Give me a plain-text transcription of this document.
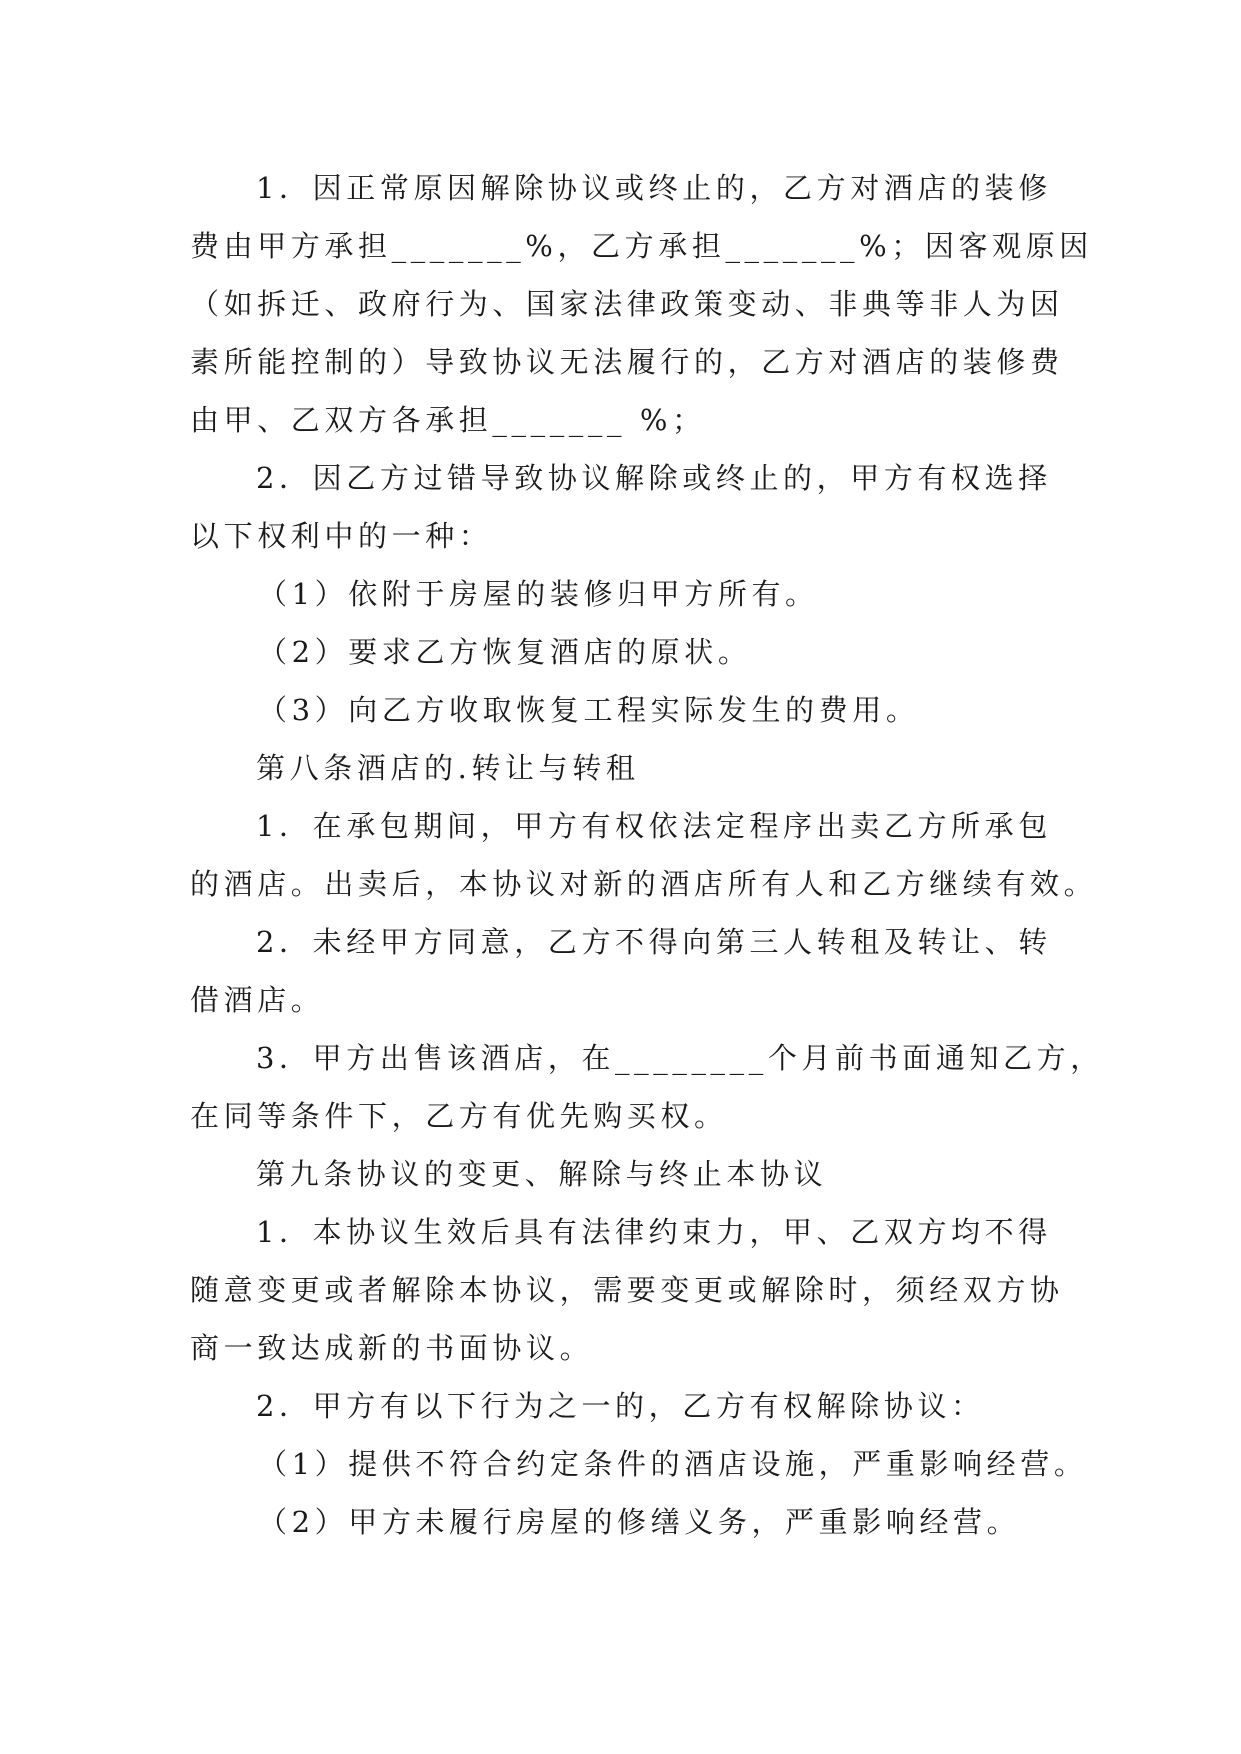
1．因正常原因解除协议或终止的，乙方对酒店的装修
费由甲方承担_______%，乙方承担_______%；因客观原因
（如拆迁、政府行为、国家法律政策变动、非典等非人为因
素所能控制的）导致协议无法履行的，乙方对酒店的装修费
由甲、乙双方各承担_______ %；
2．因乙方过错导致协议解除或终止的，甲方有权选择
以下权利中的一种：
（1）依附于房屋的装修归甲方所有。
（2）要求乙方恢复酒店的原状。
（3）向乙方收取恢复工程实际发生的费用。
第八条酒店的.转让与转租
1．在承包期间，甲方有权依法定程序出卖乙方所承包
的酒店。出卖后，本协议对新的酒店所有人和乙方继续有效。
2．未经甲方同意，乙方不得向第三人转租及转让、转
借酒店。
3．甲方出售该酒店，在________个月前书面通知乙方，
在同等条件下，乙方有优先购买权。
第九条协议的变更、解除与终止本协议
1．本协议生效后具有法律约束力，甲、乙双方均不得
随意变更或者解除本协议，需要变更或解除时，须经双方协
商一致达成新的书面协议。
2．甲方有以下行为之一的，乙方有权解除协议：
（1）提供不符合约定条件的酒店设施，严重影响经营。
（2）甲方未履行房屋的修缮义务，严重影响经营。
